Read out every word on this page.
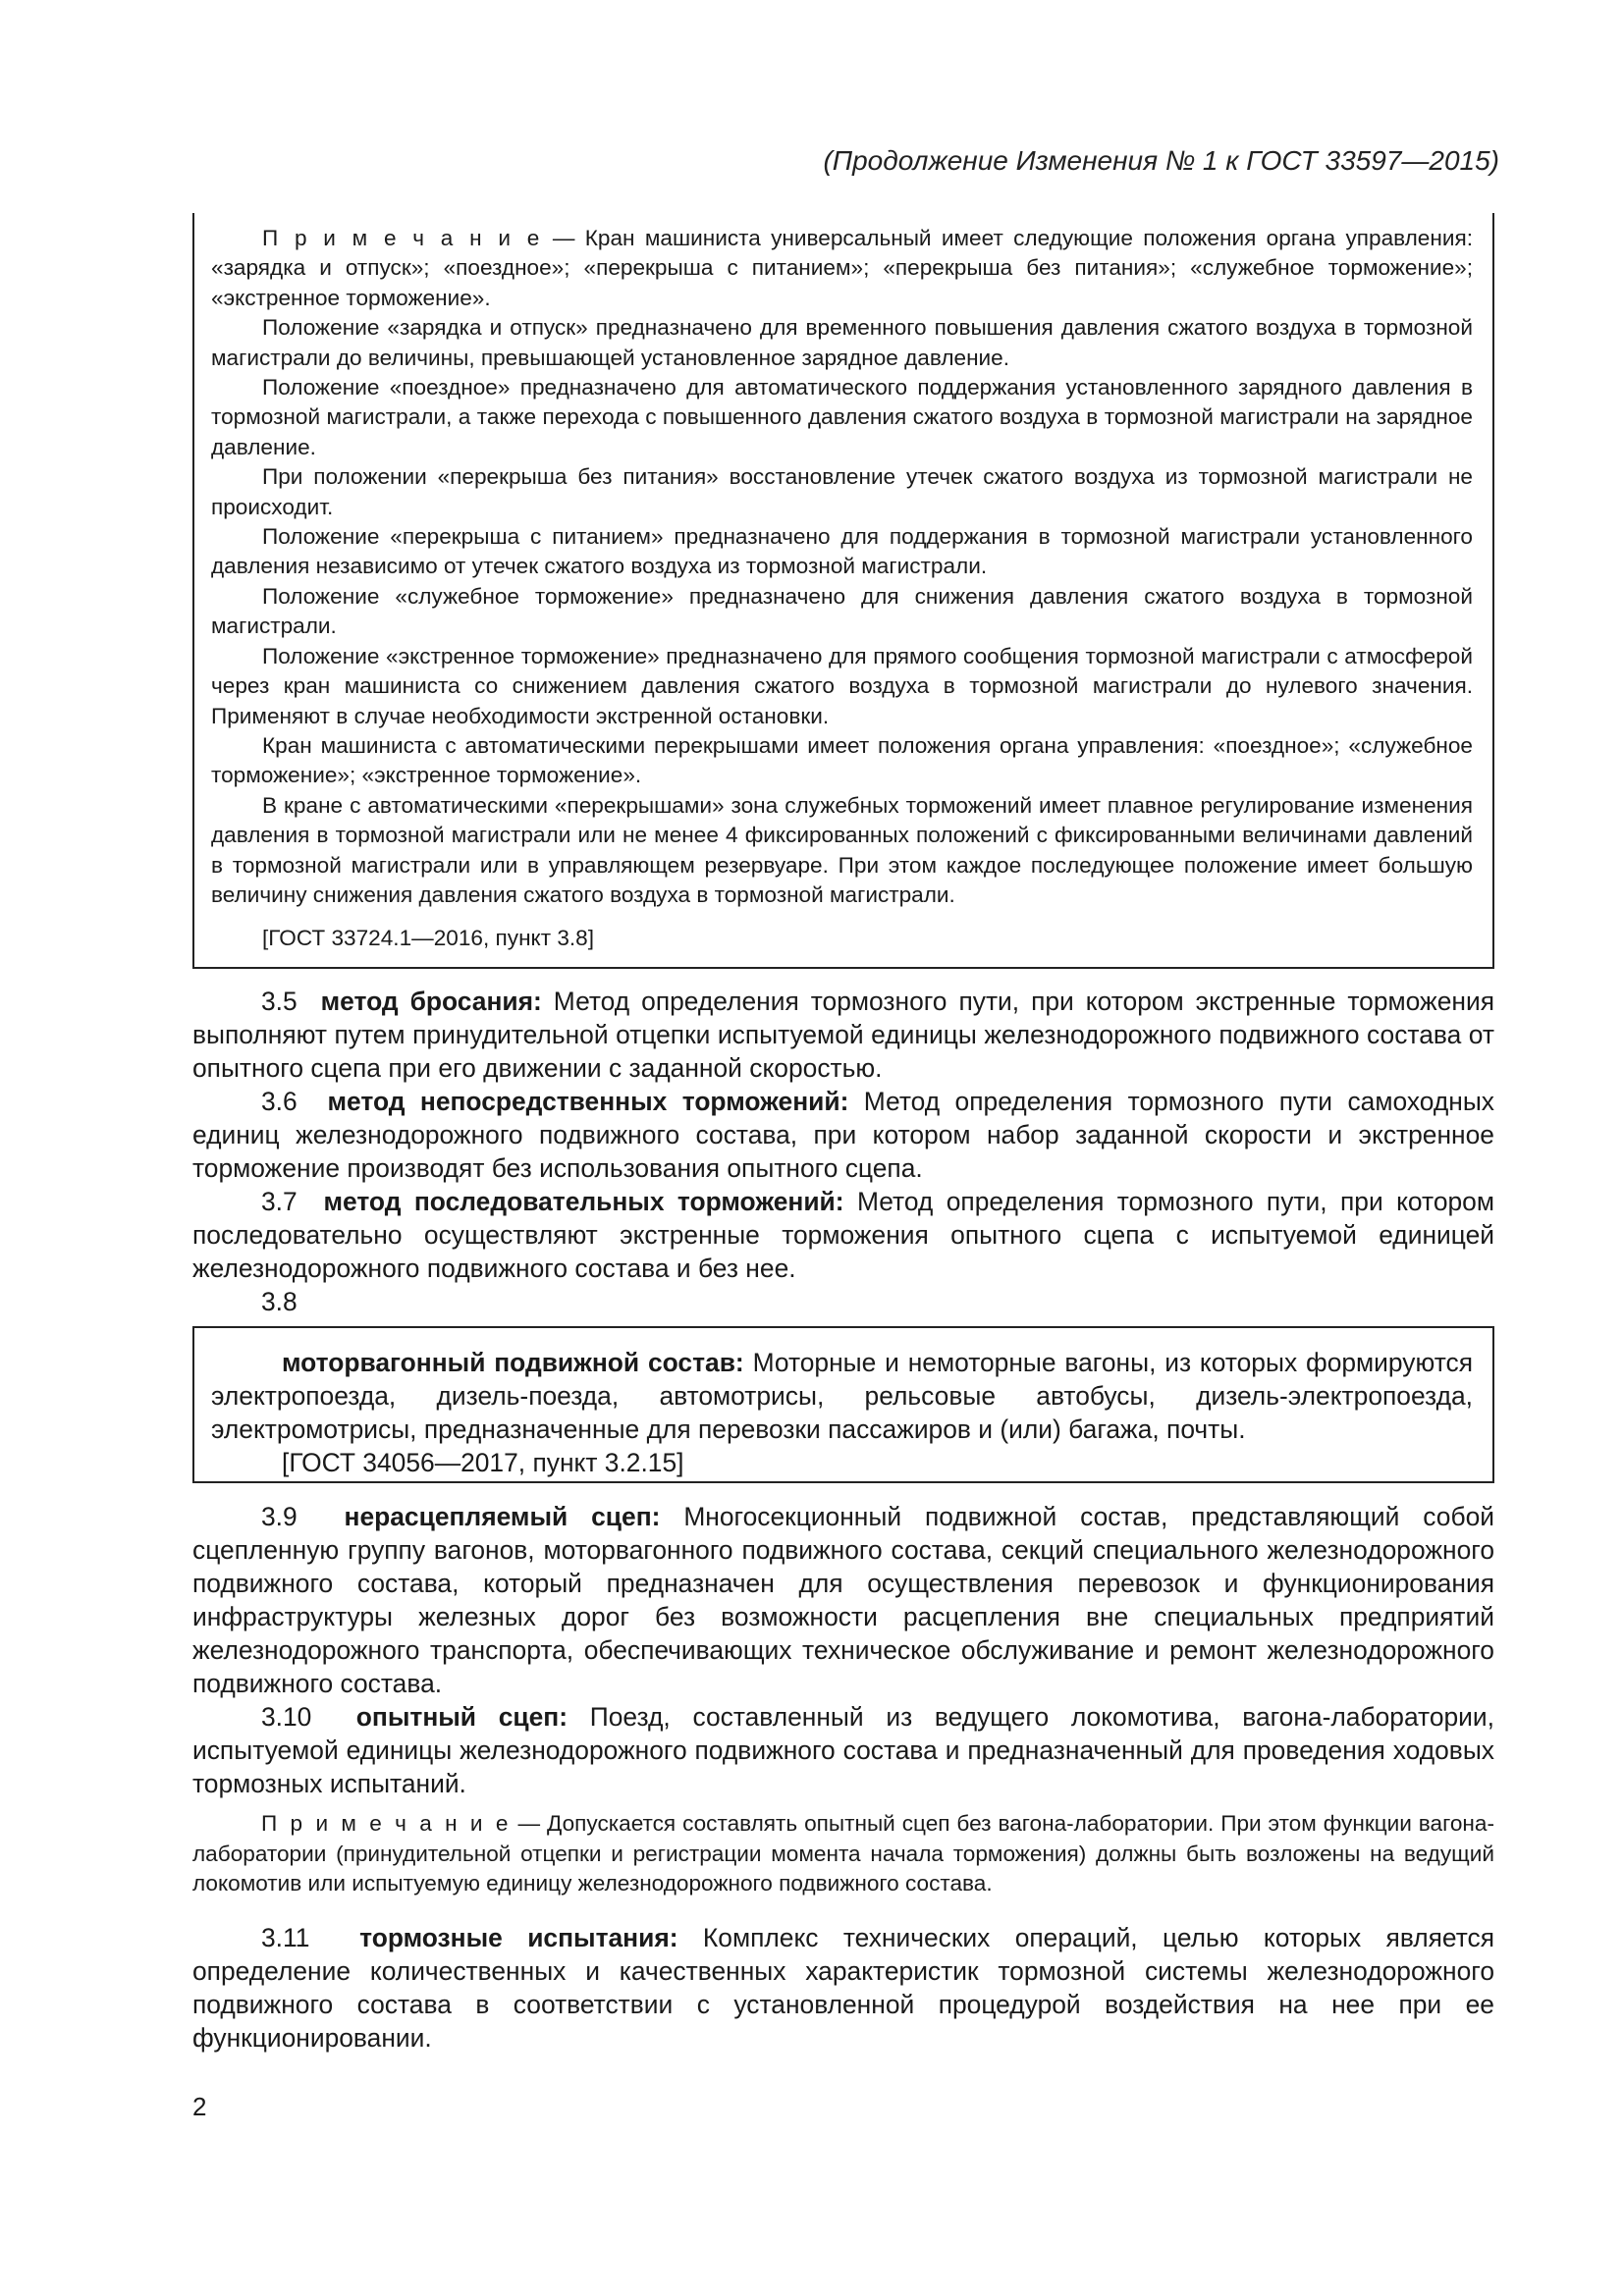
(Продолжение Изменения № 1 к ГОСТ 33597—2015)

П р и м е ч а н и е — Кран машиниста универсальный имеет следующие положения органа управления: «зарядка и отпуск»; «поездное»; «перекрыша с питанием»; «перекрыша без питания»; «служебное торможение»; «экстренное торможение».

Положение «зарядка и отпуск» предназначено для временного повышения давления сжатого воздуха в тормозной магистрали до величины, превышающей установленное зарядное давление.

Положение «поездное» предназначено для автоматического поддержания установленного зарядного давления в тормозной магистрали, а также перехода с повышенного давления сжатого воздуха в тормозной магистрали на зарядное давление.

При положении «перекрыша без питания» восстановление утечек сжатого воздуха из тормозной магистрали не происходит.

Положение «перекрыша с питанием» предназначено для поддержания в тормозной магистрали установленного давления независимо от утечек сжатого воздуха из тормозной магистрали.

Положение «служебное торможение» предназначено для снижения давления сжатого воздуха в тормозной магистрали.

Положение «экстренное торможение» предназначено для прямого сообщения тормозной магистрали с атмосферой через кран машиниста со снижением давления сжатого воздуха в тормозной магистрали до нулевого значения. Применяют в случае необходимости экстренной остановки.

Кран машиниста с автоматическими перекрышами имеет положения органа управления: «поездное»; «служебное торможение»; «экстренное торможение».

В кране с автоматическими «перекрышами» зона служебных торможений имеет плавное регулирование изменения давления в тормозной магистрали или не менее 4 фиксированных положений с фиксированными величинами давлений в тормозной магистрали или в управляющем резервуаре. При этом каждое последующее положение имеет большую величину снижения давления сжатого воздуха в тормозной магистрали.

[ГОСТ 33724.1—2016, пункт 3.8]

3.5 метод бросания: Метод определения тормозного пути, при котором экстренные торможения выполняют путем принудительной отцепки испытуемой единицы железнодорожного подвижного состава от опытного сцепа при его движении с заданной скоростью.

3.6 метод непосредственных торможений: Метод определения тормозного пути самоходных единиц железнодорожного подвижного состава, при котором набор заданной скорости и экстренное торможение производят без использования опытного сцепа.

3.7 метод последовательных торможений: Метод определения тормозного пути, при котором последовательно осуществляют экстренные торможения опытного сцепа с испытуемой единицей железнодорожного подвижного состава и без нее.

3.8

моторвагонный подвижной состав: Моторные и немоторные вагоны, из которых формируются электропоезда, дизель-поезда, автомотрисы, рельсовые автобусы, дизель-электропоезда, электромотрисы, предназначенные для перевозки пассажиров и (или) багажа, почты.

[ГОСТ 34056—2017, пункт 3.2.15]

3.9 нерасцепляемый сцеп: Многосекционный подвижной состав, представляющий собой сцепленную группу вагонов, моторвагонного подвижного состава, секций специального железнодорожного подвижного состава, который предназначен для осуществления перевозок и функционирования инфраструктуры железных дорог без возможности расцепления вне специальных предприятий железнодорожного транспорта, обеспечивающих техническое обслуживание и ремонт железнодорожного подвижного состава.

3.10 опытный сцеп: Поезд, составленный из ведущего локомотива, вагона-лаборатории, испытуемой единицы железнодорожного подвижного состава и предназначенный для проведения ходовых тормозных испытаний.

П р и м е ч а н и е — Допускается составлять опытный сцеп без вагона-лаборатории. При этом функции вагона-лаборатории (принудительной отцепки и регистрации момента начала торможения) должны быть возложены на ведущий локомотив или испытуемую единицу железнодорожного подвижного состава.

3.11 тормозные испытания: Комплекс технических операций, целью которых является определение количественных и качественных характеристик тормозной системы железнодорожного подвижного состава в соответствии с установленной процедурой воздействия на нее при ее функционировании.

2
